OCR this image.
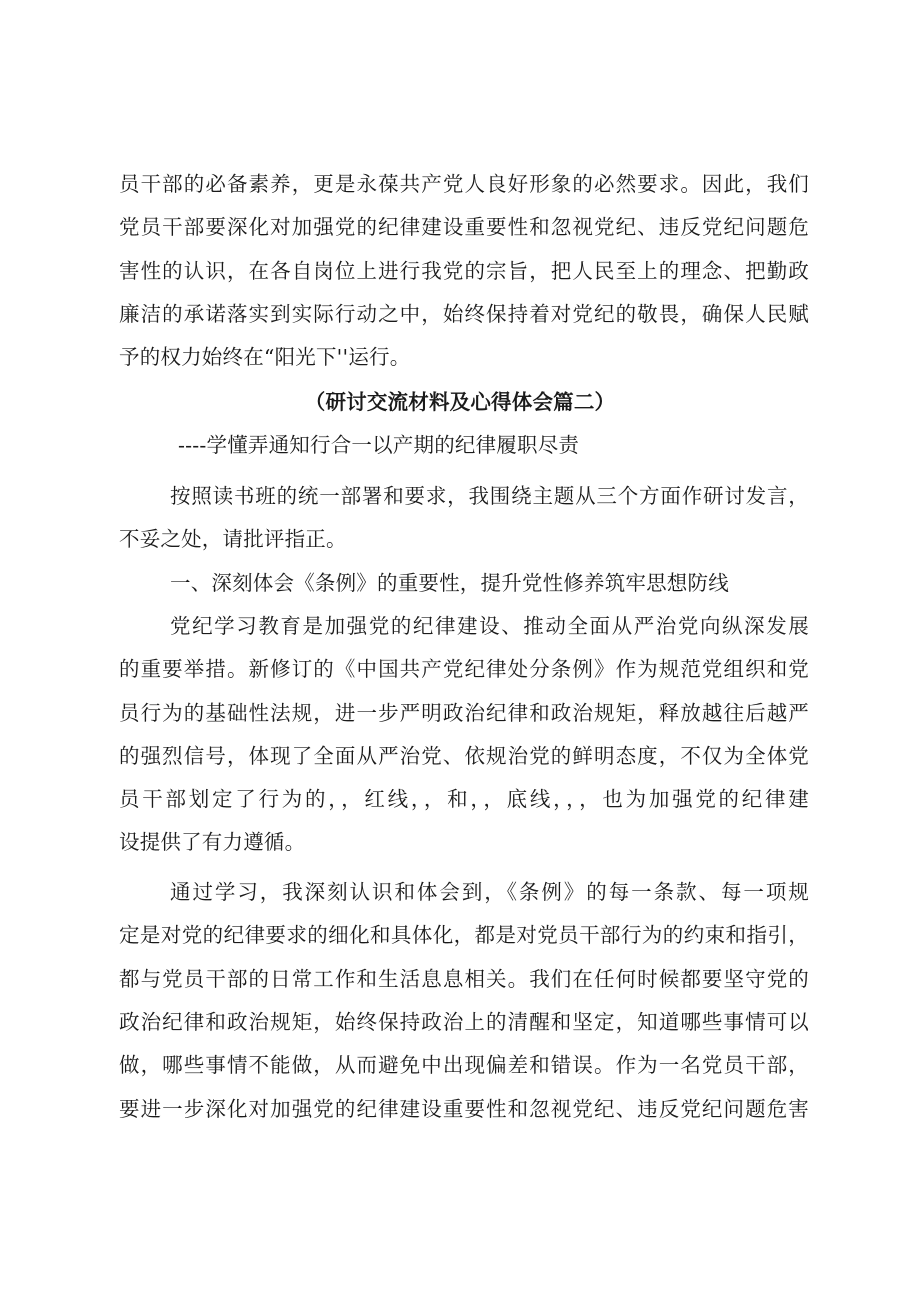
员干部的必备素养，更是永葆共产党人良好形象的必然要求。因此，我们
党员干部要深化对加强党的纪律建设重要性和忽视党纪、违反党纪问题危
害性的认识，在各自岗位上进行我党的宗旨，把人民至上的理念、把勤政
廉洁的承诺落实到实际行动之中，始终保持着对党纪的敬畏，确保人民赋
予的权力始终在“阳光下''运行。
（研讨交流材料及心得体会篇二）
----学懂弄通知行合一以产期的纪律履职尽责
按照读书班的统一部署和要求，我围绕主题从三个方面作研讨发言，
不妥之处，请批评指正。
一、深刻体会《条例》的重要性，提升党性修养筑牢思想防线
党纪学习教育是加强党的纪律建设、推动全面从严治党向纵深发展
的重要举措。新修订的《中国共产党纪律处分条例》作为规范党组织和党
员行为的基础性法规，进一步严明政治纪律和政治规矩，释放越往后越严
的强烈信号，体现了全面从严治党、依规治党的鲜明态度，不仅为全体党
员干部划定了行为的，，红线，，和，，底线，，，也为加强党的纪律建
设提供了有力遵循。
通过学习，我深刻认识和体会到，《条例》的每一条款、每一项规
定是对党的纪律要求的细化和具体化，都是对党员干部行为的约束和指引，
都与党员干部的日常工作和生活息息相关。我们在任何时候都要坚守党的
政治纪律和政治规矩，始终保持政治上的清醒和坚定，知道哪些事情可以
做，哪些事情不能做，从而避免中出现偏差和错误。作为一名党员干部，
要进一步深化对加强党的纪律建设重要性和忽视党纪、违反党纪问题危害
